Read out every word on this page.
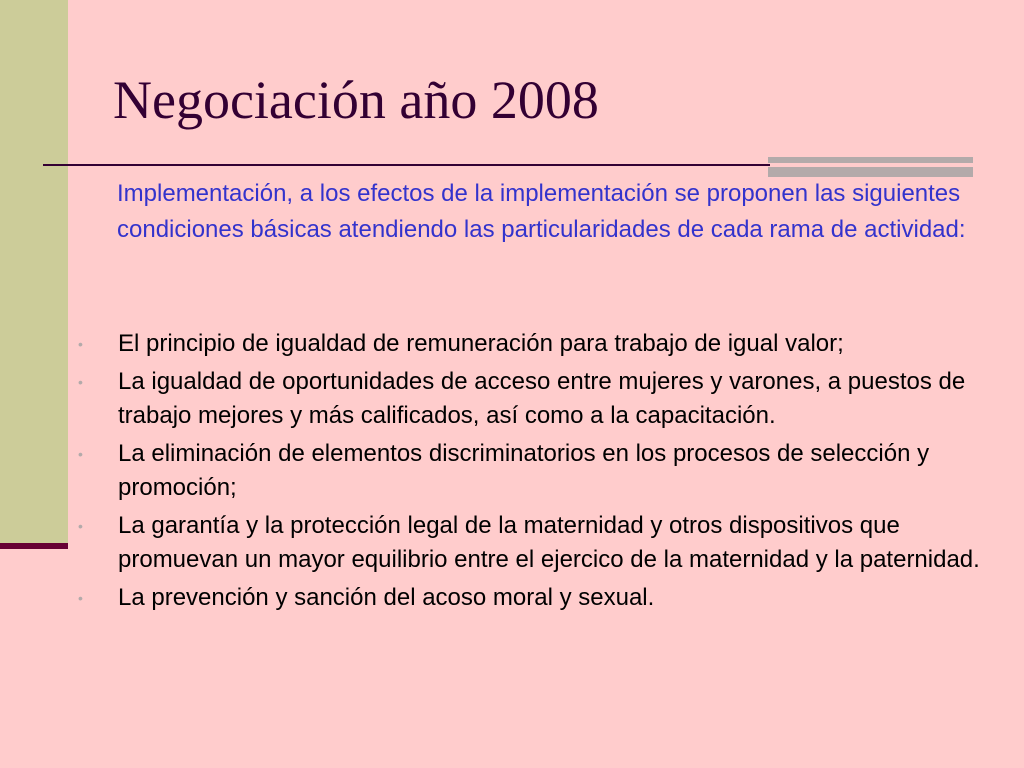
Negociación año 2008

Implementación, a los efectos de la implementación se proponen las siguientes condiciones básicas atendiendo las particularidades de cada rama de actividad:

•	El principio de igualdad de remuneración para trabajo de igual valor;
•	La igualdad de oportunidades de acceso entre mujeres y varones, a puestos de trabajo mejores y más calificados, así como a la capacitación.
•	La eliminación de elementos discriminatorios en los procesos de selección y promoción;
•	La garantía y la protección legal de la maternidad y otros dispositivos que promuevan un mayor equilibrio entre el ejercico de la maternidad y la paternidad.
•	La prevención y sanción del acoso moral y sexual.
